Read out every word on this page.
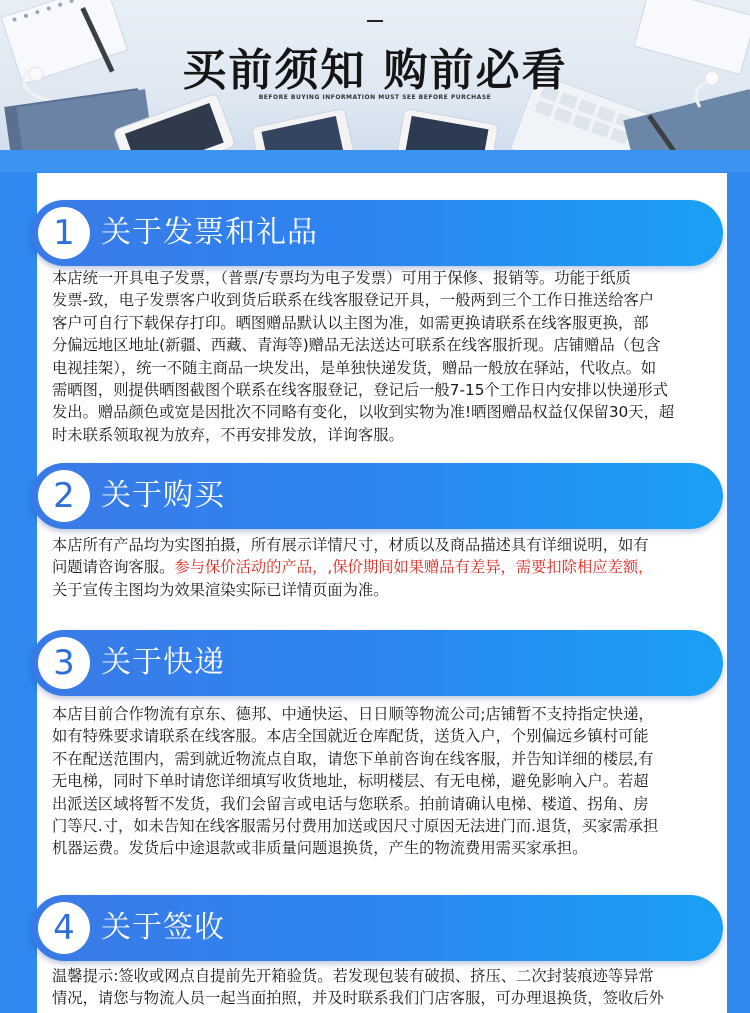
买前须知 购前必看
BEFORE BUYING INFORMATION MUST SEE BEFORE PURCHASE
1 关于发票和礼品
本店统一开具电子发票，（普票/专票均为电子发票）可用于保修、报销等。功能于纸质
发票-致，电子发票客户收到货后联系在线客服登记开具，一般两到三个工作日推送给客户
客户可自行下载保存打印。晒图赠品默认以主图为准，如需更换请联系在线客服更换，部
分偏远地区地址(新疆、西藏、青海等)赠品无法送达可联系在线客服折现。店铺赠品（包含
电视挂架），统一不随主商品一块发出，是单独快递发货，赠品一般放在驿站，代收点。如
需晒图，则提供晒图截图个联系在线客服登记，登记后一般7-15个工作日内安排以快递形式
发出。赠品颜色或宽是因批次不同略有变化，以收到实物为准!晒图赠品权益仅保留30天，超
时未联系领取视为放弃，不再安排发放，详询客服。
2 关于购买
本店所有产品均为实图拍摄，所有展示详情尺寸，材质以及商品描述具有详细说明，如有
问题请咨询客服。参与保价活动的产品，,保价期间如果赠品有差异，需要扣除相应差额，
关于宣传主图均为效果渲染实际已详情页面为准。
3 关于快递
本店目前合作物流有京东、德邦、中通快运、日日顺等物流公司;店铺暂不支持指定快递，
如有特殊要求请联系在线客服。本店全国就近仓库配货，送货入户，个别偏远乡镇村可能
不在配送范围内，需到就近物流点自取，请您下单前咨询在线客服，并告知详细的楼层,有
无电梯，同时下单时请您详细填写收货地址，标明楼层、有无电梯，避免影响入户。若超
出派送区域将暂不发货，我们会留言或电话与您联系。拍前请确认电梯、楼道、拐角、房
门等尺.寸，如未告知在线客服需另付费用加送或因尺寸原因无法进门而.退货，买家需承担
机器运费。发货后中途退款或非质量问题退换货，产生的物流费用需买家承担。
4 关于签收
温馨提示:签收或网点自提前先开箱验货。若发现包装有破损、挤压、二次封装痕迹等异常
情况，请您与物流人员一起当面拍照，并及时联系我们门店客服，可办理退换货，签收后外
